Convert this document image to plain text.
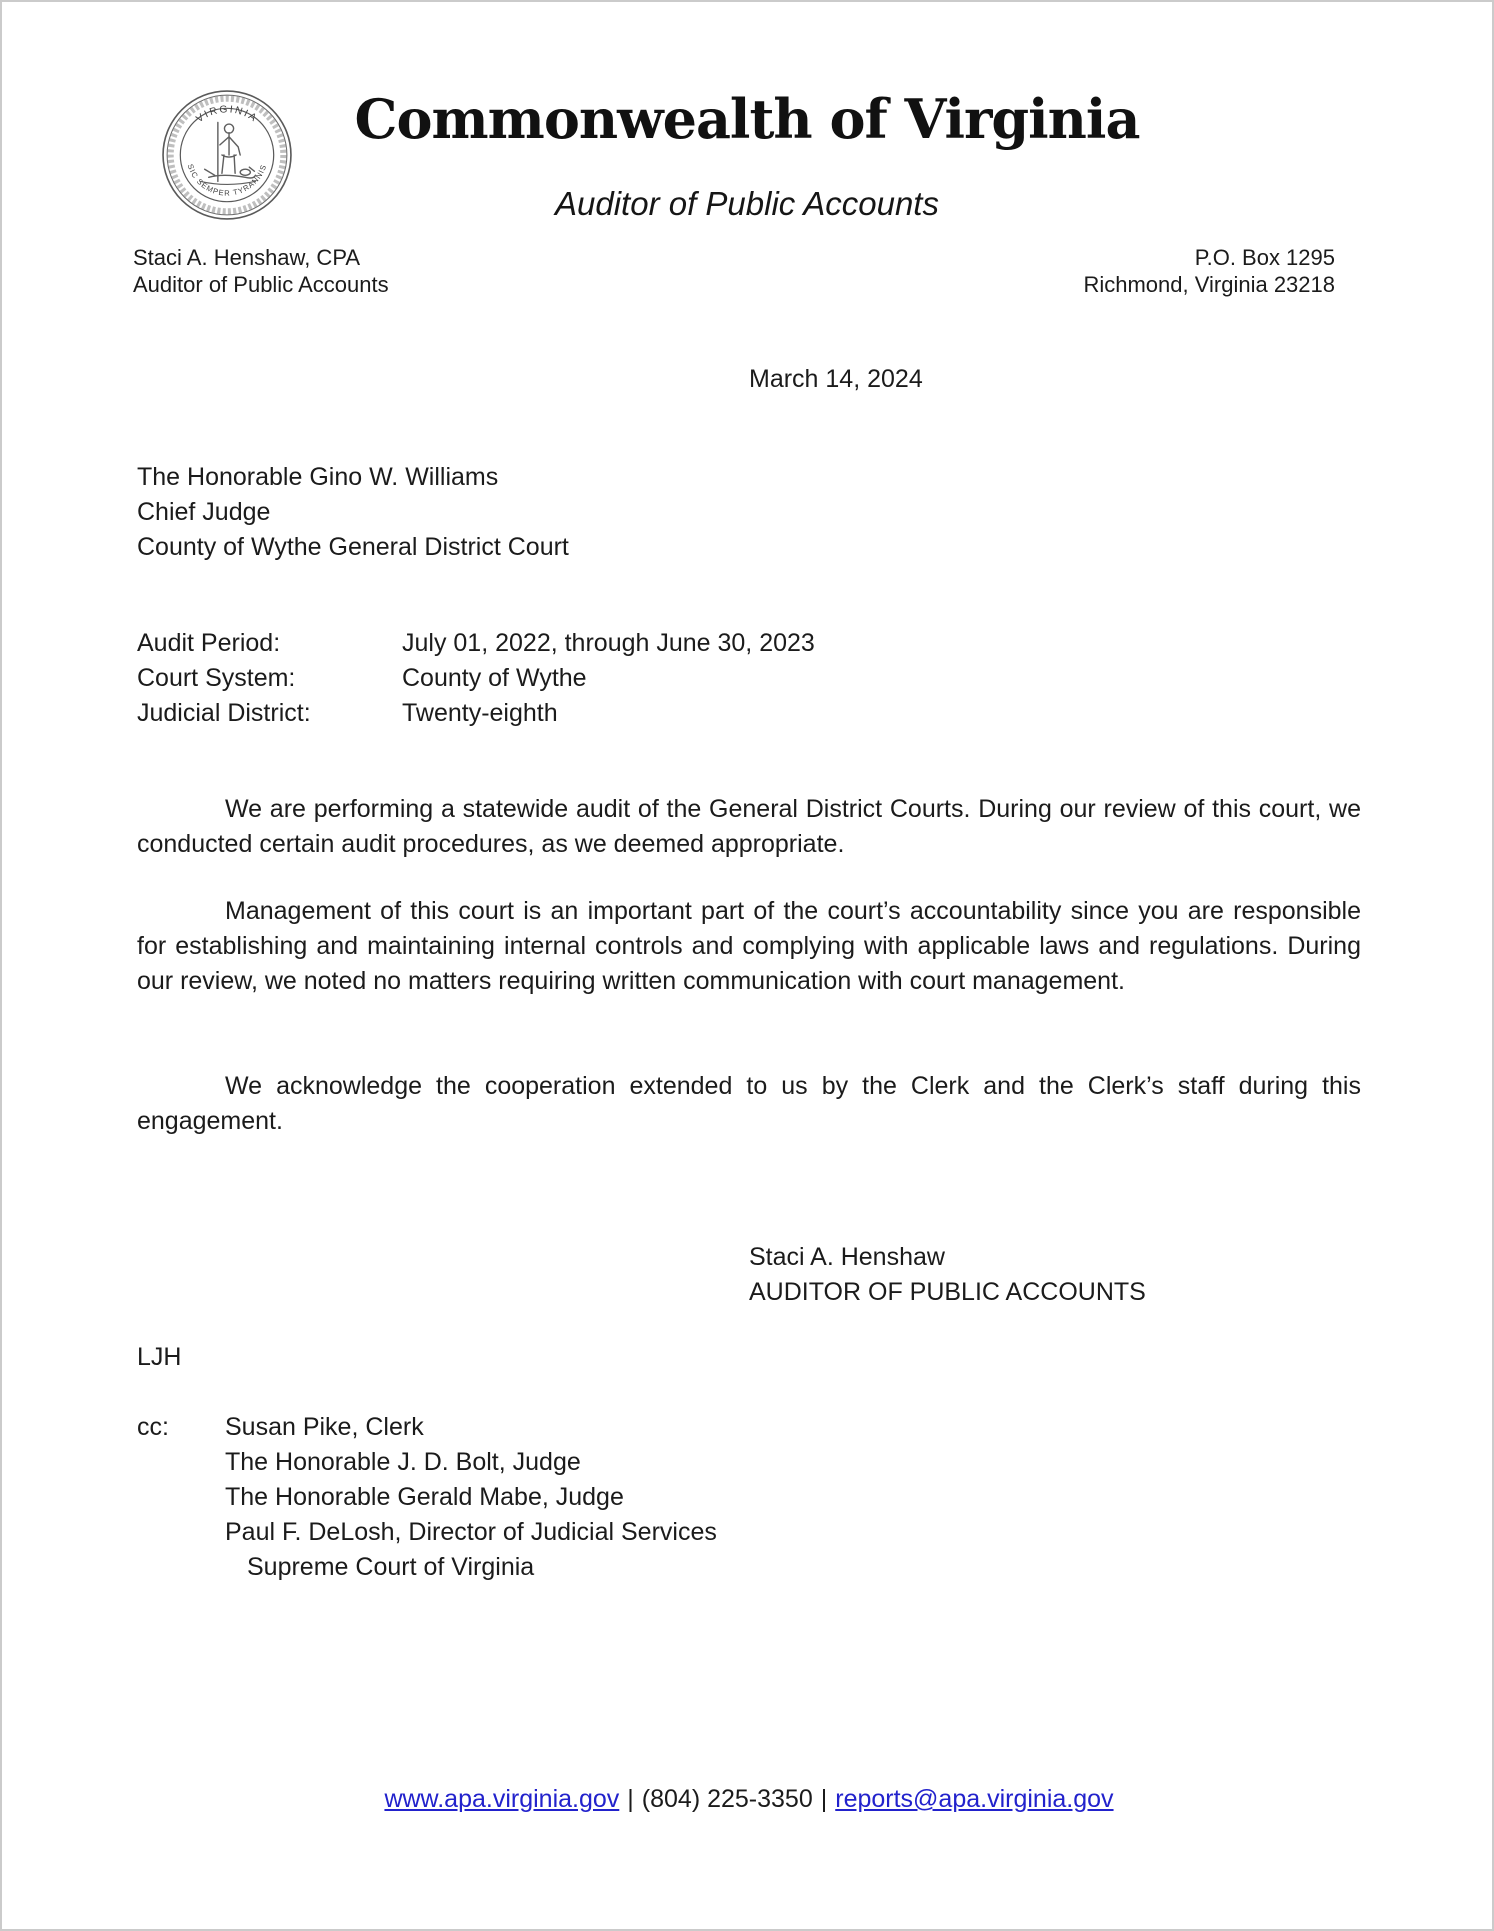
VIRGINIA
SIC SEMPER TYRANNIS
Commonwealth of Virginia
Auditor of Public Accounts
Staci A. Henshaw, CPA
Auditor of Public Accounts
P.O. Box 1295
Richmond, Virginia 23218
March 14, 2024
The Honorable Gino W. Williams
Chief Judge
County of Wythe General District Court
Audit Period:	July 01, 2022, through June 30, 2023
Court System:	County of Wythe
Judicial District:	Twenty-eighth
We are performing a statewide audit of the General District Courts. During our review of this court, we conducted certain audit procedures, as we deemed appropriate.
Management of this court is an important part of the court’s accountability since you are responsible for establishing and maintaining internal controls and complying with applicable laws and regulations. During our review, we noted no matters requiring written communication with court management.
We acknowledge the cooperation extended to us by the Clerk and the Clerk’s staff during this engagement.
Staci A. Henshaw
AUDITOR OF PUBLIC ACCOUNTS
LJH
cc:	Susan Pike, Clerk
The Honorable J. D. Bolt, Judge
The Honorable Gerald Mabe, Judge
Paul F. DeLosh, Director of Judicial Services
Supreme Court of Virginia
www.apa.virginia.gov | (804) 225-3350 | reports@apa.virginia.gov
